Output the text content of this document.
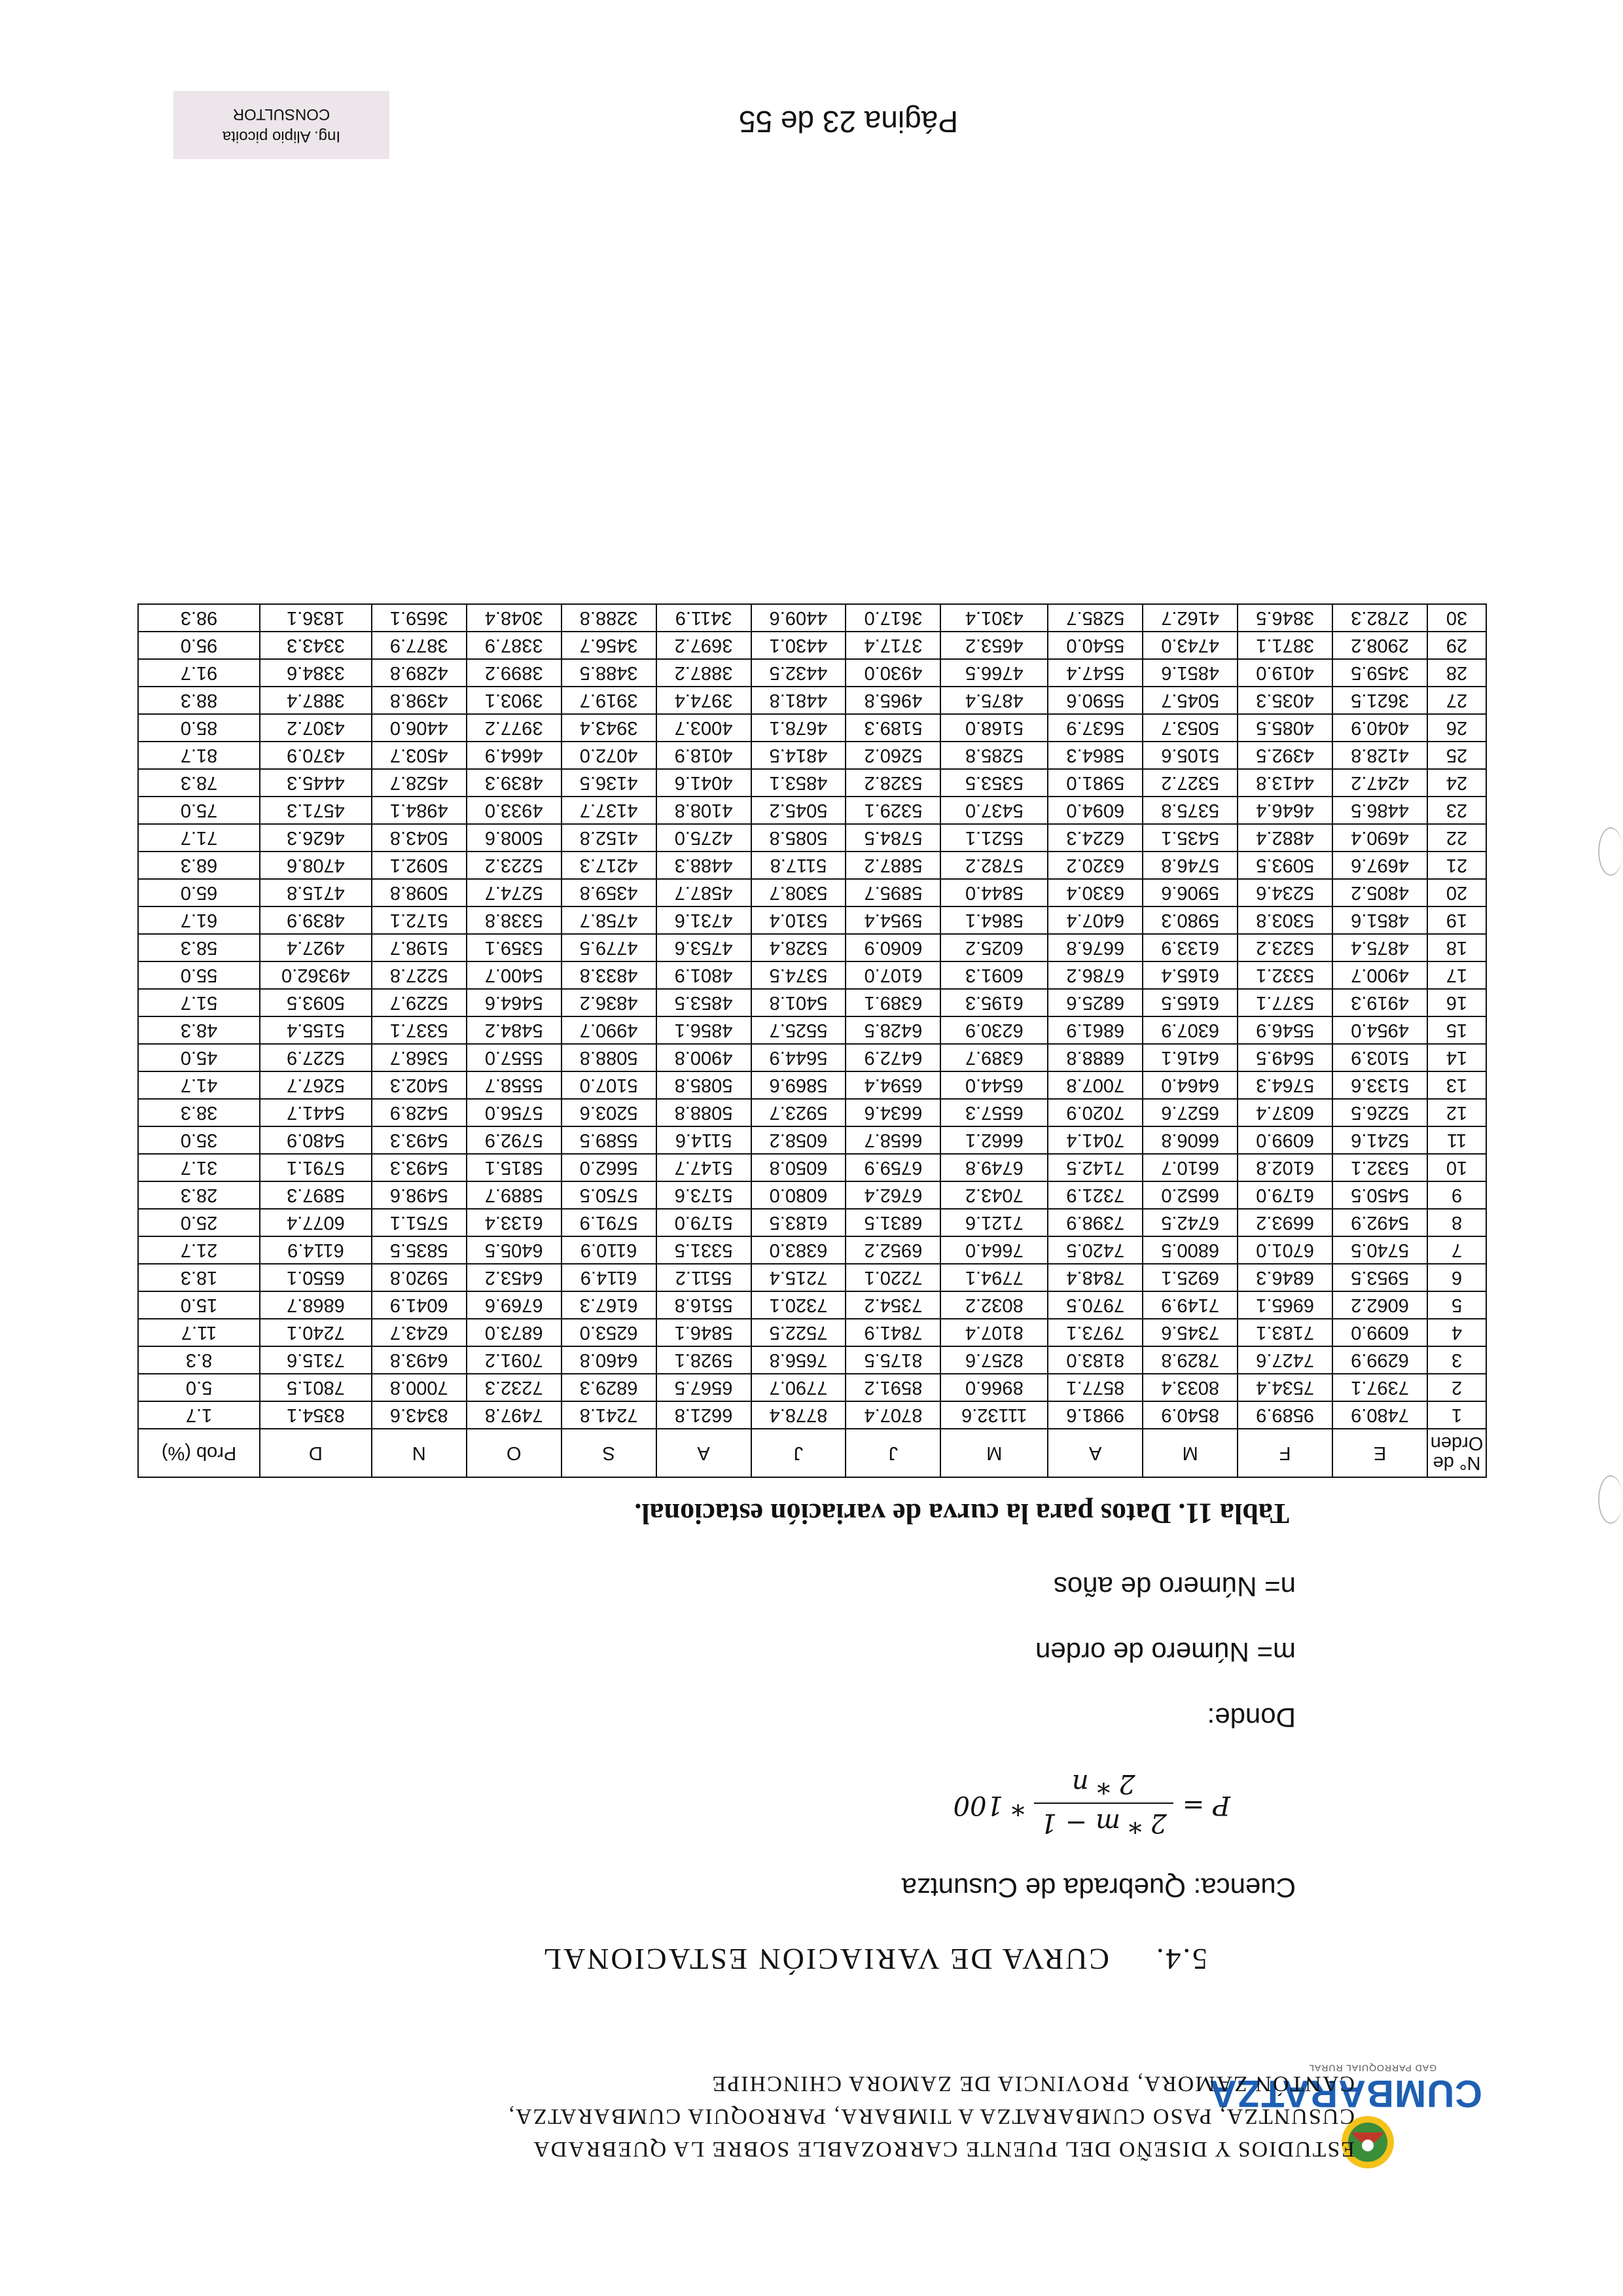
CUMBARATZA
GAD PARROQUIAL RURAL
ESTUDIOS Y DISEÑO DEL PUENTE CARROZABLE SOBRE LA QUEBRADA
CUSUNTZA, PASO CUMBARATZA A TIMBARA, PARROQUIA CUMBARATZA,
CANTÓN ZAMORA, PROVINCIA DE ZAMORA CHINCHIPE
5.4.CURVA DE VARIACIÓN ESTACIONAL
Cuenca: Quebrada de Cusuntza
P =
2 * m − 1
2 * n
* 100
Donde:
m= Número de orden
n= Número de años
Tabla 11. Datos para la curva de variación estacional.
N° de Orden	E	F	M	A	M	J	J	A	S	O	N	D	Prob (%)
1	7480.9	9589.9	8540.9	9981.6	11132.6	8707.4	8778.4	6621.8	7241.8	7497.8	8343.6	8354.1	1.7
2	7397.1	7534.4	8033.4	8577.1	8966.0	8591.2	7790.7	6567.5	6829.3	7232.3	7000.8	7801.5	5.0
3	6299.9	7427.6	7829.8	8183.0	8257.6	8175.5	7656.8	5928.1	6460.8	7091.2	6493.8	7315.6	8.3
4	6099.0	7183.1	7345.6	7973.1	8107.4	7841.9	7522.5	5846.1	6253.0	6873.0	6243.7	7240.1	11.7
5	6062.2	6965.1	7149.9	7970.5	8032.2	7354.2	7320.1	5516.8	6167.3	6769.6	6041.9	6868.7	15.0
6	5953.5	6846.3	6925.1	7848.4	7794.1	7220.1	7215.4	5511.2	6114.9	6453.2	5920.8	6550.1	18.3
7	5740.5	6701.0	6800.5	7420.5	7664.0	6952.2	6383.0	5331.5	6110.9	6405.5	5835.5	6114.9	21.7
8	5492.9	6693.2	6742.5	7398.9	7121.6	6831.5	6183.5	5179.0	5791.9	6133.4	5751.1	6077.4	25.0
9	5450.5	6179.0	6652.0	7321.9	7043.2	6762.4	6080.0	5173.6	5750.5	5889.7	5498.6	5897.3	28.3
10	5332.1	6102.8	6610.7	7142.5	6749.8	6759.9	6050.8	5147.7	5662.0	5815.1	5493.3	5791.1	31.7
11	5241.6	6099.0	6606.8	7041.4	6662.1	6658.7	6058.2	5114.6	5589.5	5792.9	5493.3	5480.9	35.0
12	5226.5	6037.4	6527.6	7020.9	6557.3	6634.6	5923.7	5088.8	5203.6	5756.0	5428.9	5441.7	38.3
13	5133.6	5764.3	6464.0	7007.8	6544.0	6594.4	5869.6	5085.8	5107.0	5558.7	5402.3	5267.7	41.7
14	5103.9	5649.5	6416.1	6888.8	6389.7	6472.9	5644.9	4900.8	5088.8	5557.0	5368.7	5227.9	45.0
15	4954.0	5546.9	6307.9	6861.9	6230.9	6428.5	5525.7	4856.1	4990.7	5484.2	5337.1	5155.4	48.3
16	4919.3	5377.1	6165.5	6825.6	6195.3	6389.1	5401.8	4853.5	4836.2	5464.6	5229.7	5093.5	51.7
17	4900.7	5332.1	6165.4	6786.2	6091.3	6107.0	5374.5	4801.9	4833.8	5400.7	5227.8	49362.0	55.0
18	4875.4	5323.2	6133.9	6676.8	6025.2	6060.9	5328.4	4753.6	4779.5	5359.1	5198.7	4927.4	58.3
19	4851.6	5303.8	5980.3	6407.4	5864.1	5954.4	5310.4	4731.6	4758.7	5338.8	5172.1	4839.9	61.7
20	4805.2	5234.6	5906.6	6330.4	5844.0	5895.7	5308.7	4587.7	4359.8	5274.7	5098.8	4715.8	65.0
21	4697.6	5093.5	5746.8	6320.2	5782.2	5887.2	5117.8	4488.3	4217.3	5223.2	5092.1	4708.6	68.3
22	4690.4	4882.4	5435.1	6224.3	5521.1	5784.5	5085.8	4275.0	4152.8	5008.6	5043.8	4626.3	71.7
23	4486.5	4646.4	5375.8	6094.0	5437.0	5329.1	5045.2	4108.8	4137.7	4933.0	4984.1	4571.3	75.0
24	4247.2	4413.8	5327.2	5981.0	5353.5	5328.2	4853.1	4041.6	4136.5	4839.3	4528.7	4445.3	78.3
25	4128.8	4392.5	5105.6	5864.3	5285.8	5260.2	4814.5	4018.9	4072.0	4664.9	4503.7	4370.9	81.7
26	4040.9	4085.5	5053.7	5637.9	5168.0	5189.3	4678.1	4003.7	3943.4	3977.2	4406.0	4307.2	85.0
27	3621.5	4035.3	5045.7	5590.6	4875.4	4965.8	4481.8	3974.4	3919.7	3903.1	4398.8	3887.4	88.3
28	3459.5	4019.0	4851.6	5547.4	4766.5	4930.0	4432.5	3887.2	3488.5	3899.2	4289.8	3384.6	91.7
29	2908.2	3871.1	4743.0	5540.0	4653.2	3717.4	4430.1	3697.2	3456.7	3387.9	3877.9	3343.3	95.0
30	2782.3	3846.5	4162.7	5285.7	4301.4	3617.0	4409.6	3411.9	3288.8	3048.4	3659.1	1836.1	98.3
Página 23 de 55
Ing. Alipio picoita
CONSULTOR
